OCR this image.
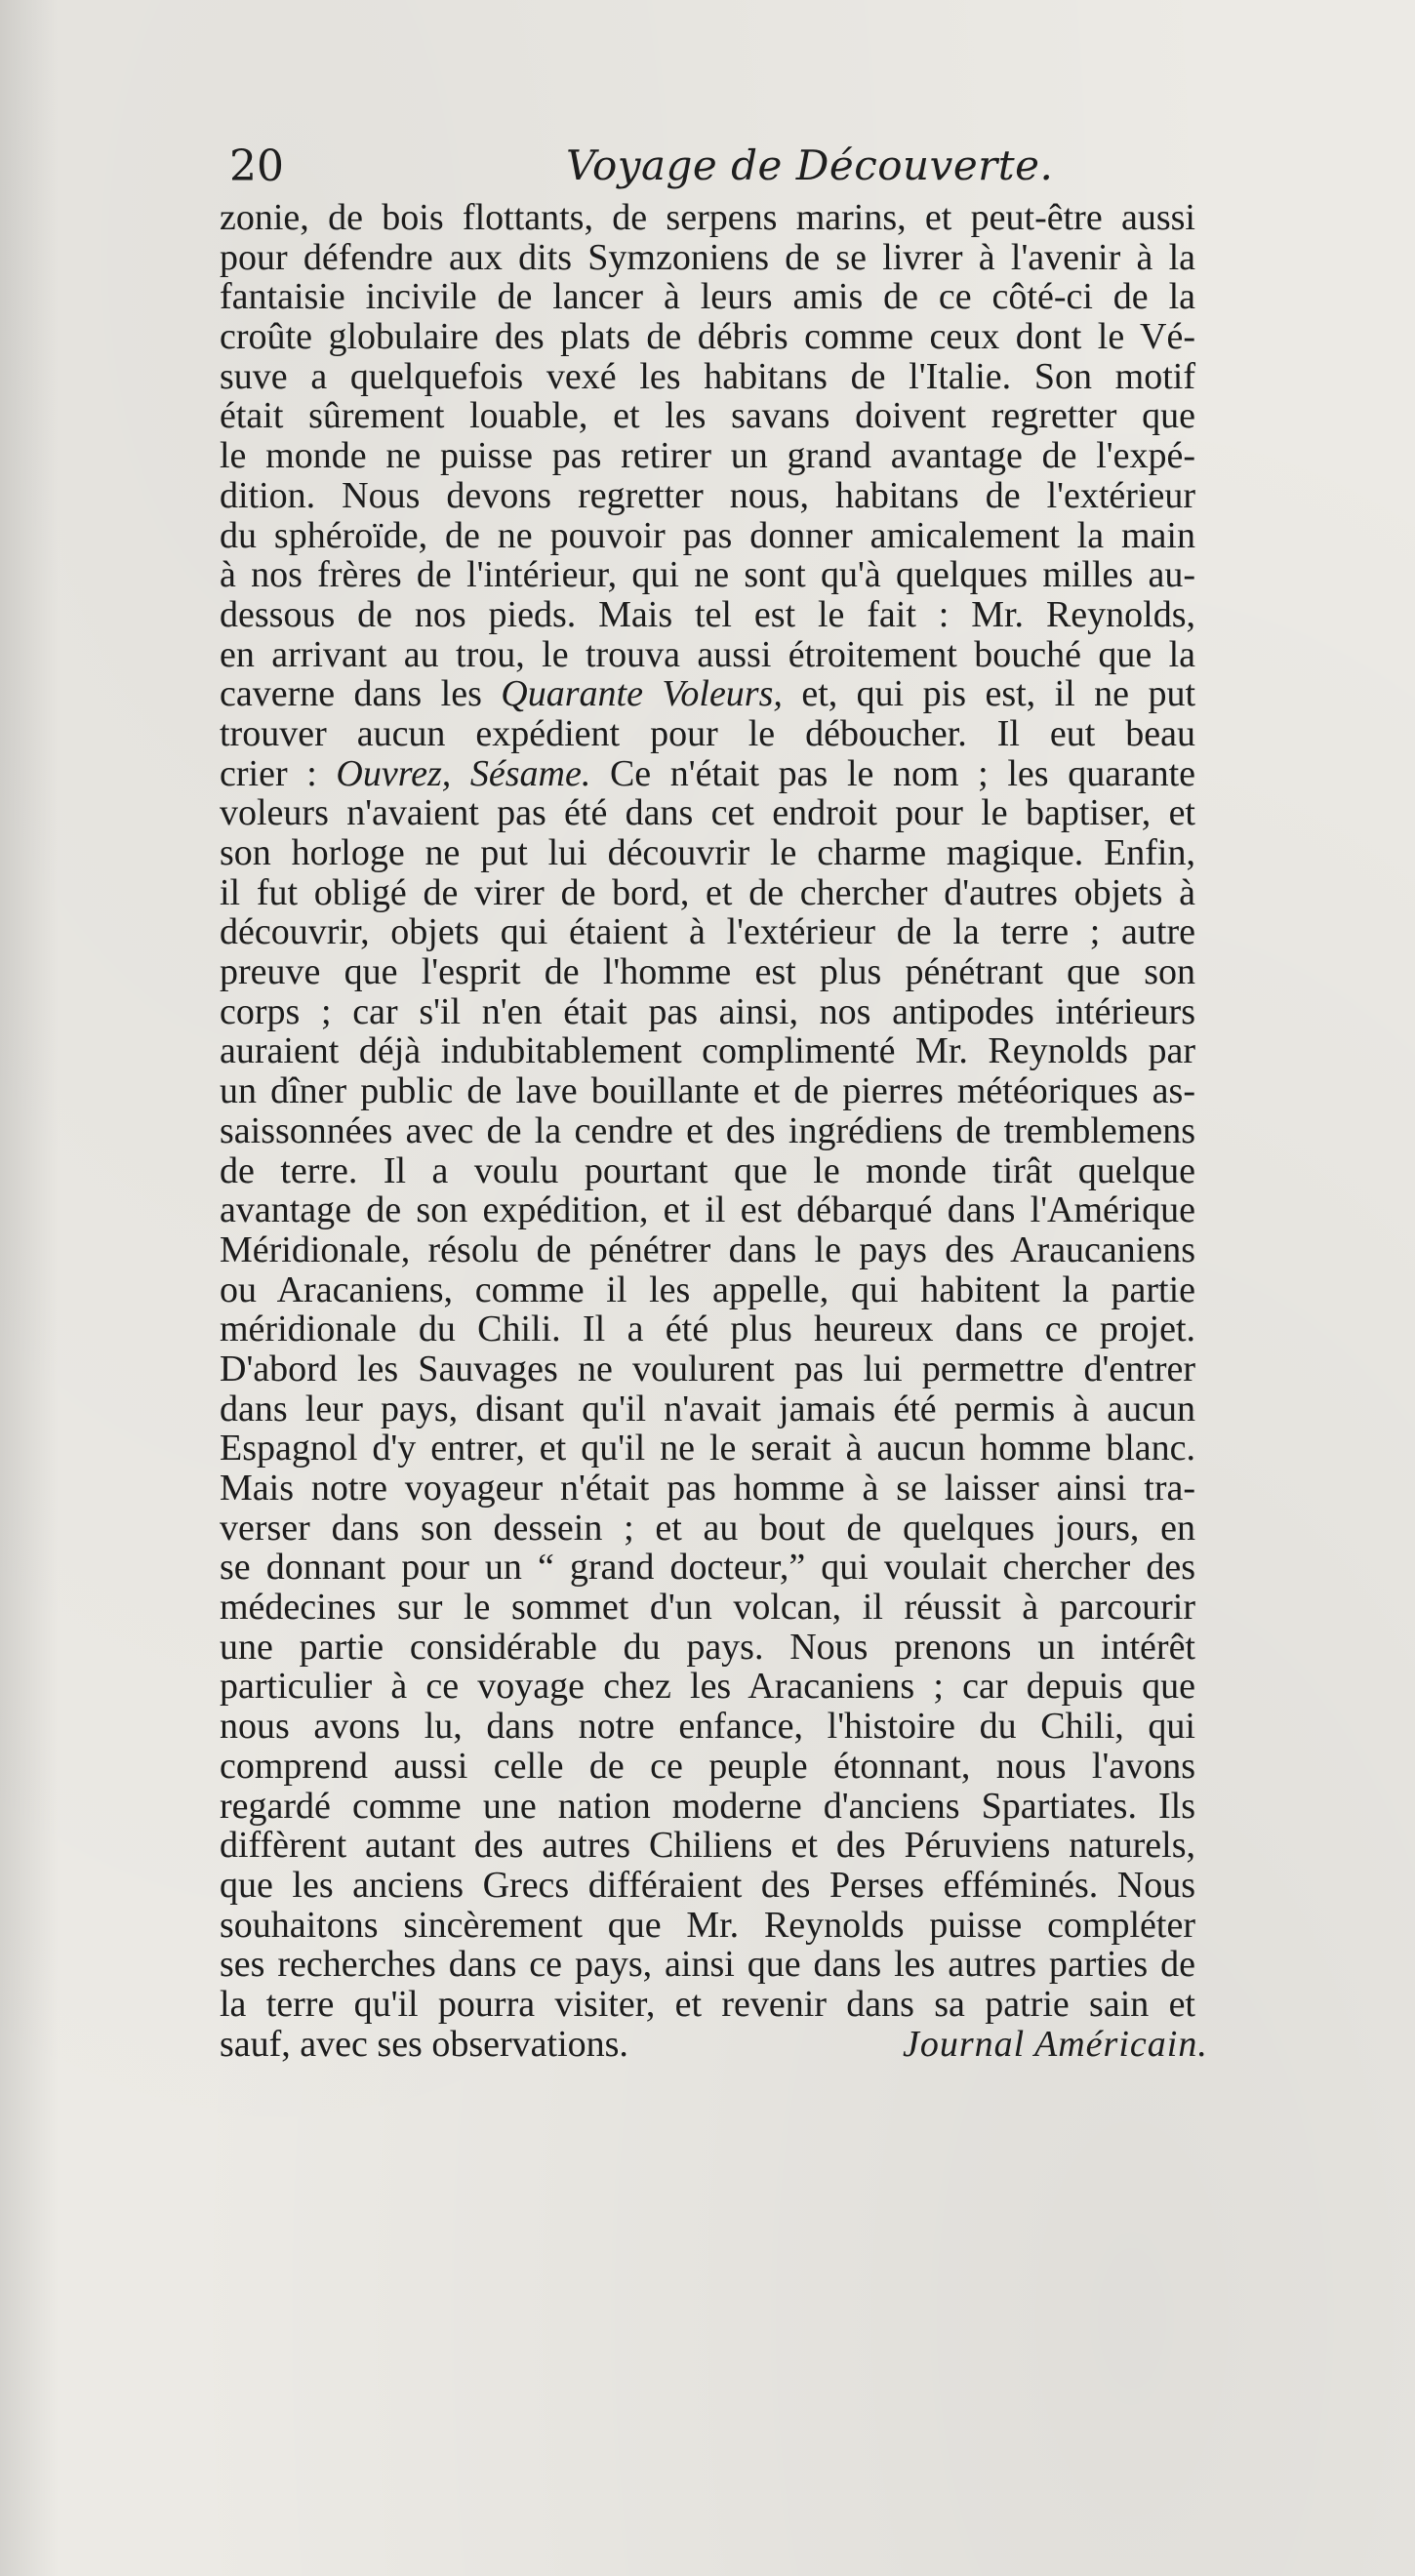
20	Voyage de Découverte.
zonie, de bois flottants, de serpens marins, et peut-être aussi
pour défendre aux dits Symzoniens de se livrer à l'avenir à la
fantaisie incivile de lancer à leurs amis de ce côté-ci de la
croûte globulaire des plats de débris comme ceux dont le Vé-
suve a quelquefois vexé les habitans de l'Italie. Son motif
était sûrement louable, et les savans doivent regretter que
le monde ne puisse pas retirer un grand avantage de l'expé-
dition. Nous devons regretter nous, habitans de l'extérieur
du sphéroïde, de ne pouvoir pas donner amicalement la main
à nos frères de l'intérieur, qui ne sont qu'à quelques milles au-
dessous de nos pieds. Mais tel est le fait : Mr. Reynolds,
en arrivant au trou, le trouva aussi étroitement bouché que la
caverne dans les Quarante Voleurs, et, qui pis est, il ne put
trouver aucun expédient pour le déboucher. Il eut beau
crier : Ouvrez, Sésame. Ce n'était pas le nom ; les quarante
voleurs n'avaient pas été dans cet endroit pour le baptiser, et
son horloge ne put lui découvrir le charme magique. Enfin,
il fut obligé de virer de bord, et de chercher d'autres objets à
découvrir, objets qui étaient à l'extérieur de la terre ; autre
preuve que l'esprit de l'homme est plus pénétrant que son
corps ; car s'il n'en était pas ainsi, nos antipodes intérieurs
auraient déjà indubitablement complimenté Mr. Reynolds par
un dîner public de lave bouillante et de pierres météoriques as-
saissonnées avec de la cendre et des ingrédiens de tremblemens
de terre. Il a voulu pourtant que le monde tirât quelque
avantage de son expédition, et il est débarqué dans l'Amérique
Méridionale, résolu de pénétrer dans le pays des Araucaniens
ou Aracaniens, comme il les appelle, qui habitent la partie
méridionale du Chili. Il a été plus heureux dans ce projet.
D'abord les Sauvages ne voulurent pas lui permettre d'entrer
dans leur pays, disant qu'il n'avait jamais été permis à aucun
Espagnol d'y entrer, et qu'il ne le serait à aucun homme blanc.
Mais notre voyageur n'était pas homme à se laisser ainsi tra-
verser dans son dessein ; et au bout de quelques jours, en
se donnant pour un “ grand docteur,” qui voulait chercher des
médecines sur le sommet d'un volcan, il réussit à parcourir
une partie considérable du pays. Nous prenons un intérêt
particulier à ce voyage chez les Aracaniens ; car depuis que
nous avons lu, dans notre enfance, l'histoire du Chili, qui
comprend aussi celle de ce peuple étonnant, nous l'avons
regardé comme une nation moderne d'anciens Spartiates. Ils
diffèrent autant des autres Chiliens et des Péruviens naturels,
que les anciens Grecs différaient des Perses efféminés. Nous
souhaitons sincèrement que Mr. Reynolds puisse compléter
ses recherches dans ce pays, ainsi que dans les autres parties de
la terre qu'il pourra visiter, et revenir dans sa patrie sain et
sauf, avec ses observations.	Journal Américain.
